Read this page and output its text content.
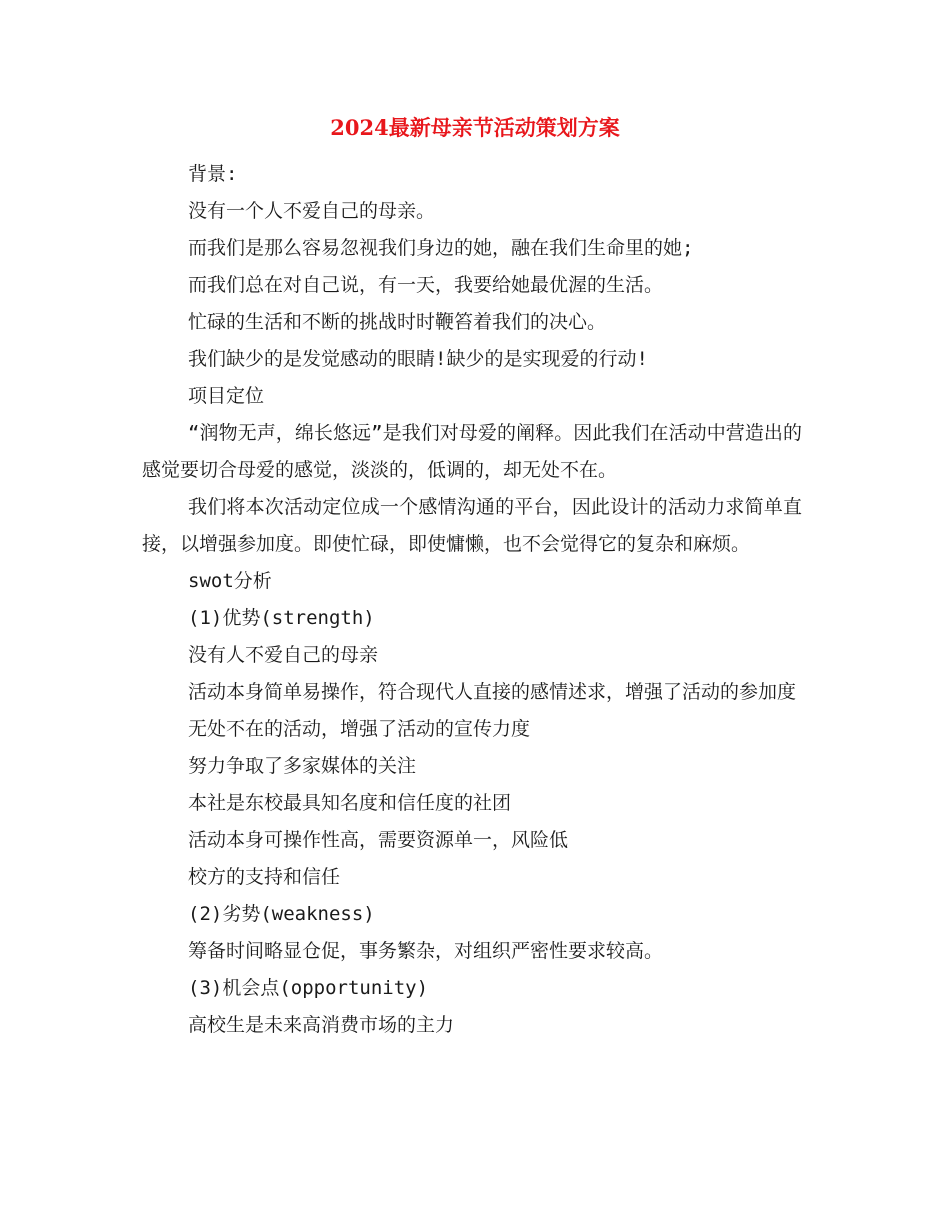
2024最新母亲节活动策划方案

背景:

没有一个人不爱自己的母亲。

而我们是那么容易忽视我们身边的她，融在我们生命里的她;

而我们总在对自己说，有一天，我要给她最优渥的生活。

忙碌的生活和不断的挑战时时鞭笞着我们的决心。

我们缺少的是发觉感动的眼睛!缺少的是实现爱的行动!

项目定位

“润物无声，绵长悠远”是我们对母爱的阐释。因此我们在活动中营造出的感觉要切合母爱的感觉，淡淡的，低调的，却无处不在。

我们将本次活动定位成一个感情沟通的平台，因此设计的活动力求简单直接，以增强参加度。即使忙碌，即使慵懒，也不会觉得它的复杂和麻烦。

swot分析

(1)优势(strength)

没有人不爱自己的母亲

活动本身简单易操作，符合现代人直接的感情述求，增强了活动的参加度

无处不在的活动，增强了活动的宣传力度

努力争取了多家媒体的关注

本社是东校最具知名度和信任度的社团

活动本身可操作性高，需要资源单一，风险低

校方的支持和信任

(2)劣势(weakness)

筹备时间略显仓促，事务繁杂，对组织严密性要求较高。

(3)机会点(opportunity)

高校生是未来高消费市场的主力
